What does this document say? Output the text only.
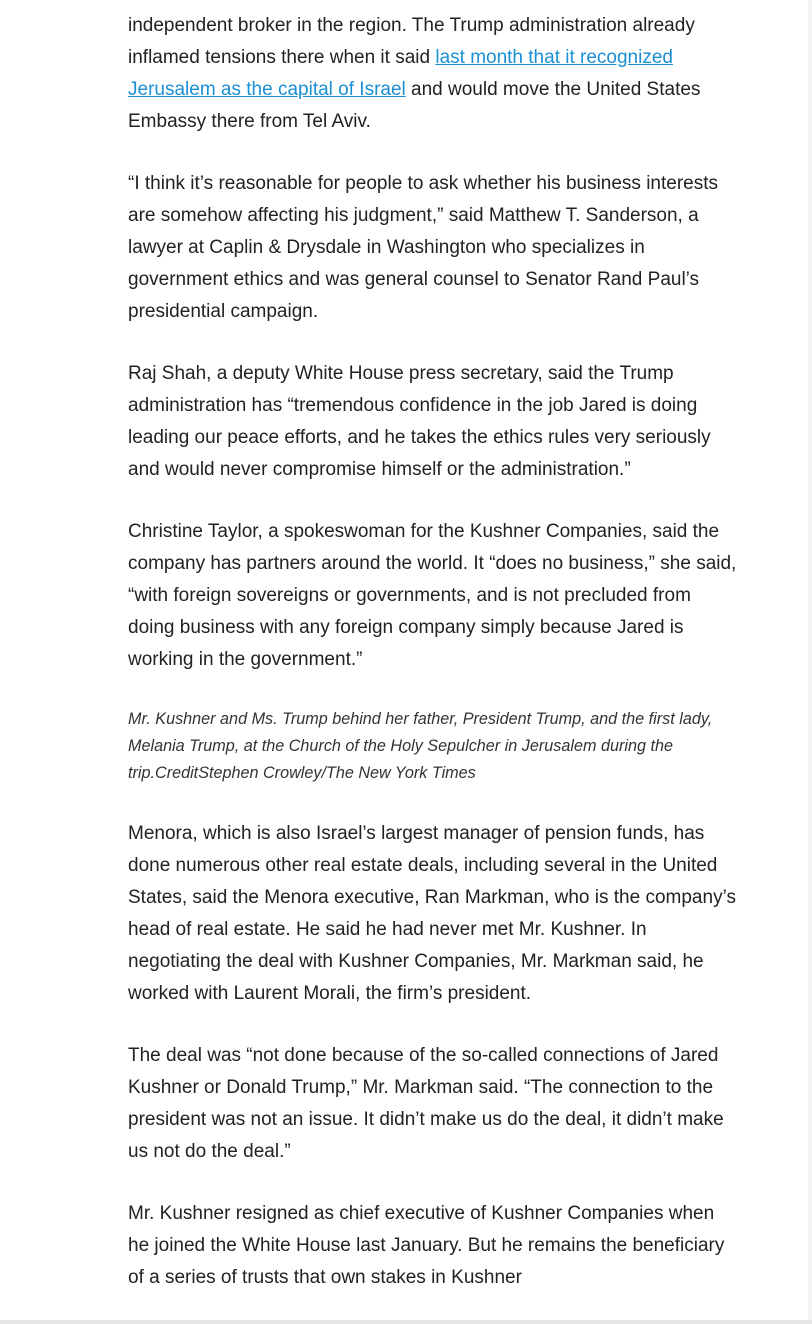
independent broker in the region. The Trump administration already inflamed tensions there when it said last month that it recognized Jerusalem as the capital of Israel and would move the United States Embassy there from Tel Aviv.

“I think it’s reasonable for people to ask whether his business interests are somehow affecting his judgment,” said Matthew T. Sanderson, a lawyer at Caplin & Drysdale in Washington who specializes in government ethics and was general counsel to Senator Rand Paul’s presidential campaign.

Raj Shah, a deputy White House press secretary, said the Trump administration has “tremendous confidence in the job Jared is doing leading our peace efforts, and he takes the ethics rules very seriously and would never compromise himself or the administration.”

Christine Taylor, a spokeswoman for the Kushner Companies, said the company has partners around the world. It “does no business,” she said, “with foreign sovereigns or governments, and is not precluded from doing business with any foreign company simply because Jared is working in the government.”

Mr. Kushner and Ms. Trump behind her father, President Trump, and the first lady, Melania Trump, at the Church of the Holy Sepulcher in Jerusalem during the trip.CreditStephen Crowley/The New York Times

Menora, which is also Israel’s largest manager of pension funds, has done numerous other real estate deals, including several in the United States, said the Menora executive, Ran Markman, who is the company’s head of real estate. He said he had never met Mr. Kushner. In negotiating the deal with Kushner Companies, Mr. Markman said, he worked with Laurent Morali, the firm’s president.

The deal was “not done because of the so-called connections of Jared Kushner or Donald Trump,” Mr. Markman said. “The connection to the president was not an issue. It didn’t make us do the deal, it didn’t make us not do the deal.”

Mr. Kushner resigned as chief executive of Kushner Companies when he joined the White House last January. But he remains the beneficiary of a series of trusts that own stakes in Kushner
